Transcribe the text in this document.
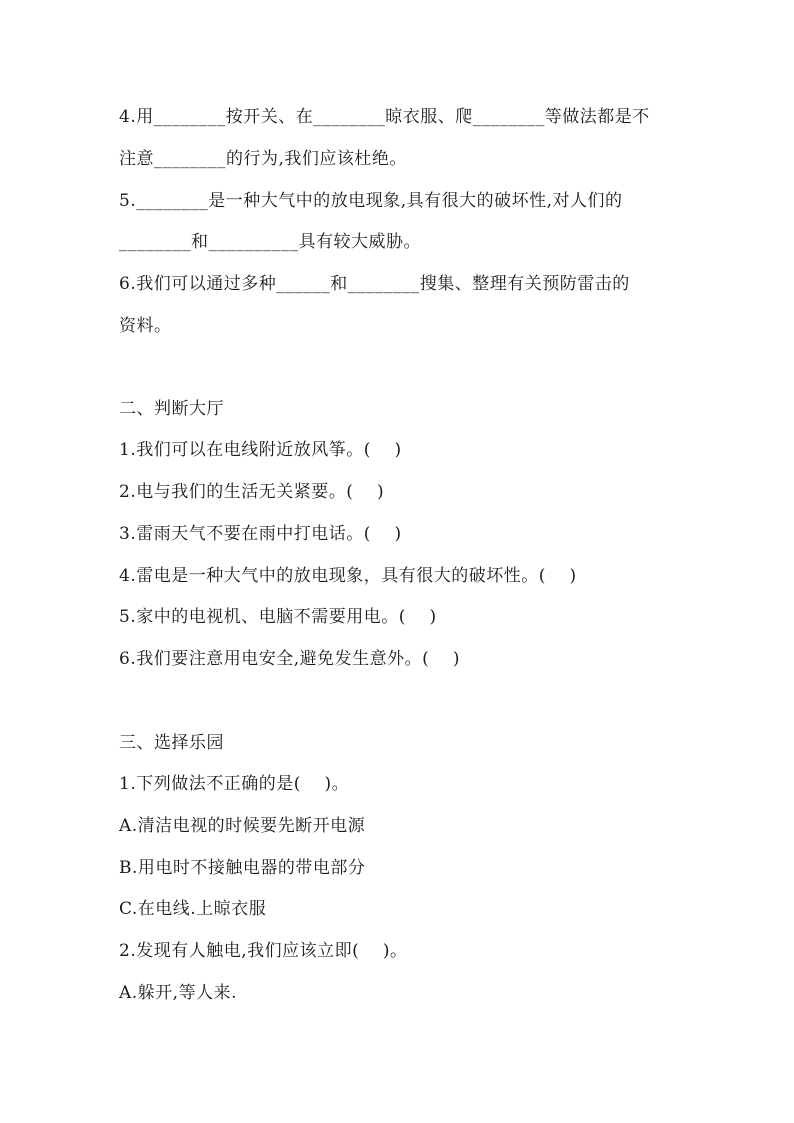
4.用________按开关、在________晾衣服、爬________等做法都是不
注意________的行为,我们应该杜绝。
5.________是一种大气中的放电现象,具有很大的破坏性,对人们的
________和__________具有较大威胁。
6.我们可以通过多种______和________搜集、整理有关预防雷击的
资料。
二、判断大厅
1.我们可以在电线附近放风筝。(    )
2.电与我们的生活无关紧要。(    )
3.雷雨天气不要在雨中打电话。(    )
4.雷电是一种大气中的放电现象，具有很大的破坏性。(    )
5.家中的电视机、电脑不需要用电。(    )
6.我们要注意用电安全,避免发生意外。(    )
三、选择乐园
1.下列做法不正确的是(    )。
A.清洁电视的时候要先断开电源
B.用电时不接触电器的带电部分
C.在电线.上晾衣服
2.发现有人触电,我们应该立即(    )。
A.躲开,等人来.
